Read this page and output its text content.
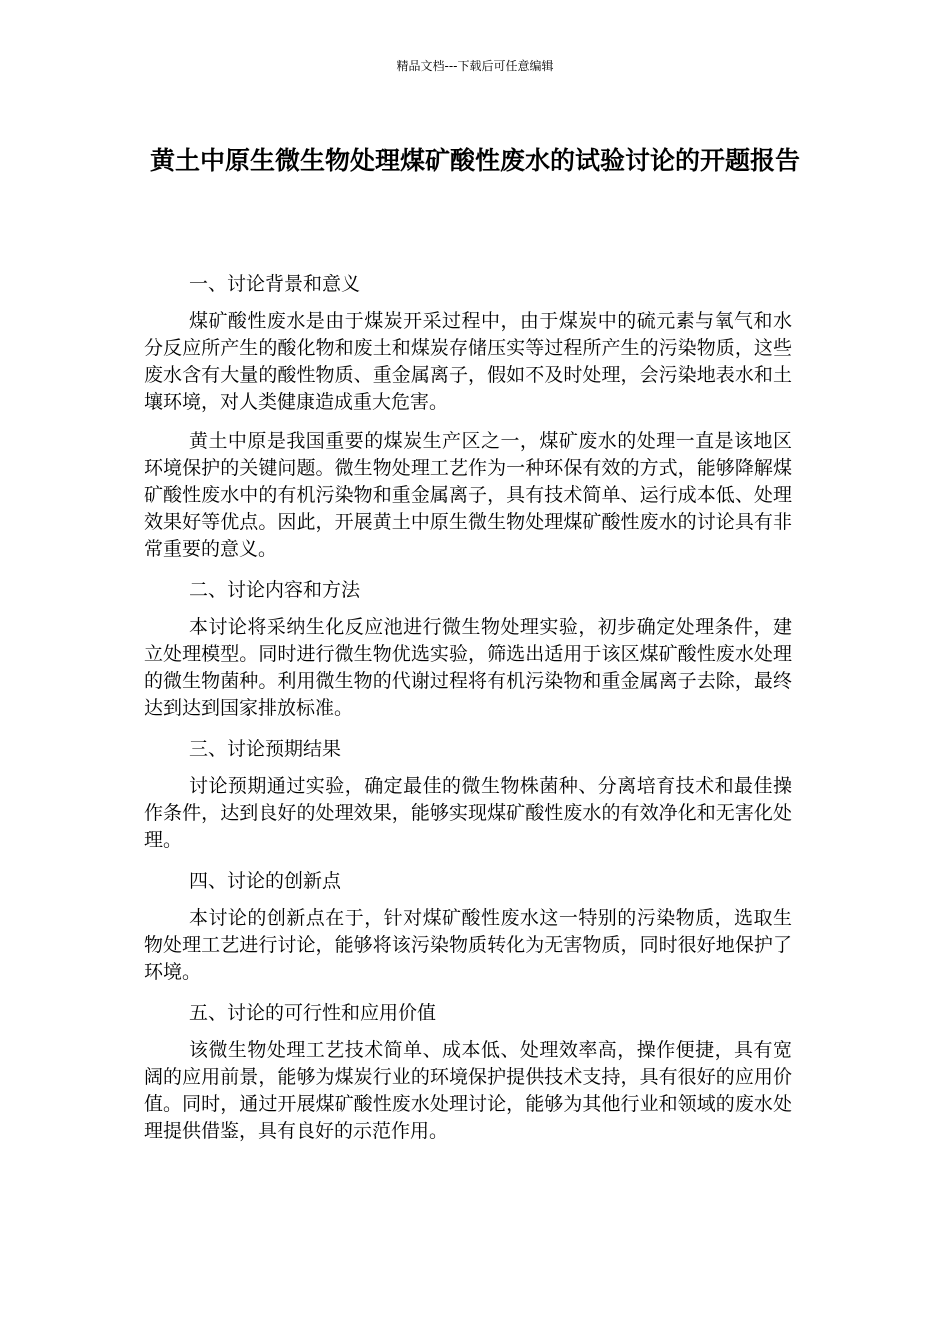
精品文档---下载后可任意编辑
黄土中原生微生物处理煤矿酸性废水的试验讨论的开题报告

一、讨论背景和意义

煤矿酸性废水是由于煤炭开采过程中，由于煤炭中的硫元素与氧气和水分反应所产生的酸化物和废土和煤炭存储压实等过程所产生的污染物质，这些废水含有大量的酸性物质、重金属离子，假如不及时处理，会污染地表水和土壤环境，对人类健康造成重大危害。

黄土中原是我国重要的煤炭生产区之一，煤矿废水的处理一直是该地区环境保护的关键问题。微生物处理工艺作为一种环保有效的方式，能够降解煤矿酸性废水中的有机污染物和重金属离子，具有技术简单、运行成本低、处理效果好等优点。因此，开展黄土中原生微生物处理煤矿酸性废水的讨论具有非常重要的意义。

二、讨论内容和方法

本讨论将采纳生化反应池进行微生物处理实验，初步确定处理条件，建立处理模型。同时进行微生物优选实验，筛选出适用于该区煤矿酸性废水处理的微生物菌种。利用微生物的代谢过程将有机污染物和重金属离子去除，最终达到达到国家排放标准。

三、讨论预期结果

讨论预期通过实验，确定最佳的微生物株菌种、分离培育技术和最佳操作条件，达到良好的处理效果，能够实现煤矿酸性废水的有效净化和无害化处理。

四、讨论的创新点

本讨论的创新点在于，针对煤矿酸性废水这一特别的污染物质，选取生物处理工艺进行讨论，能够将该污染物质转化为无害物质，同时很好地保护了环境。

五、讨论的可行性和应用价值

该微生物处理工艺技术简单、成本低、处理效率高，操作便捷，具有宽阔的应用前景，能够为煤炭行业的环境保护提供技术支持，具有很好的应用价值。同时，通过开展煤矿酸性废水处理讨论，能够为其他行业和领域的废水处理提供借鉴，具有良好的示范作用。
